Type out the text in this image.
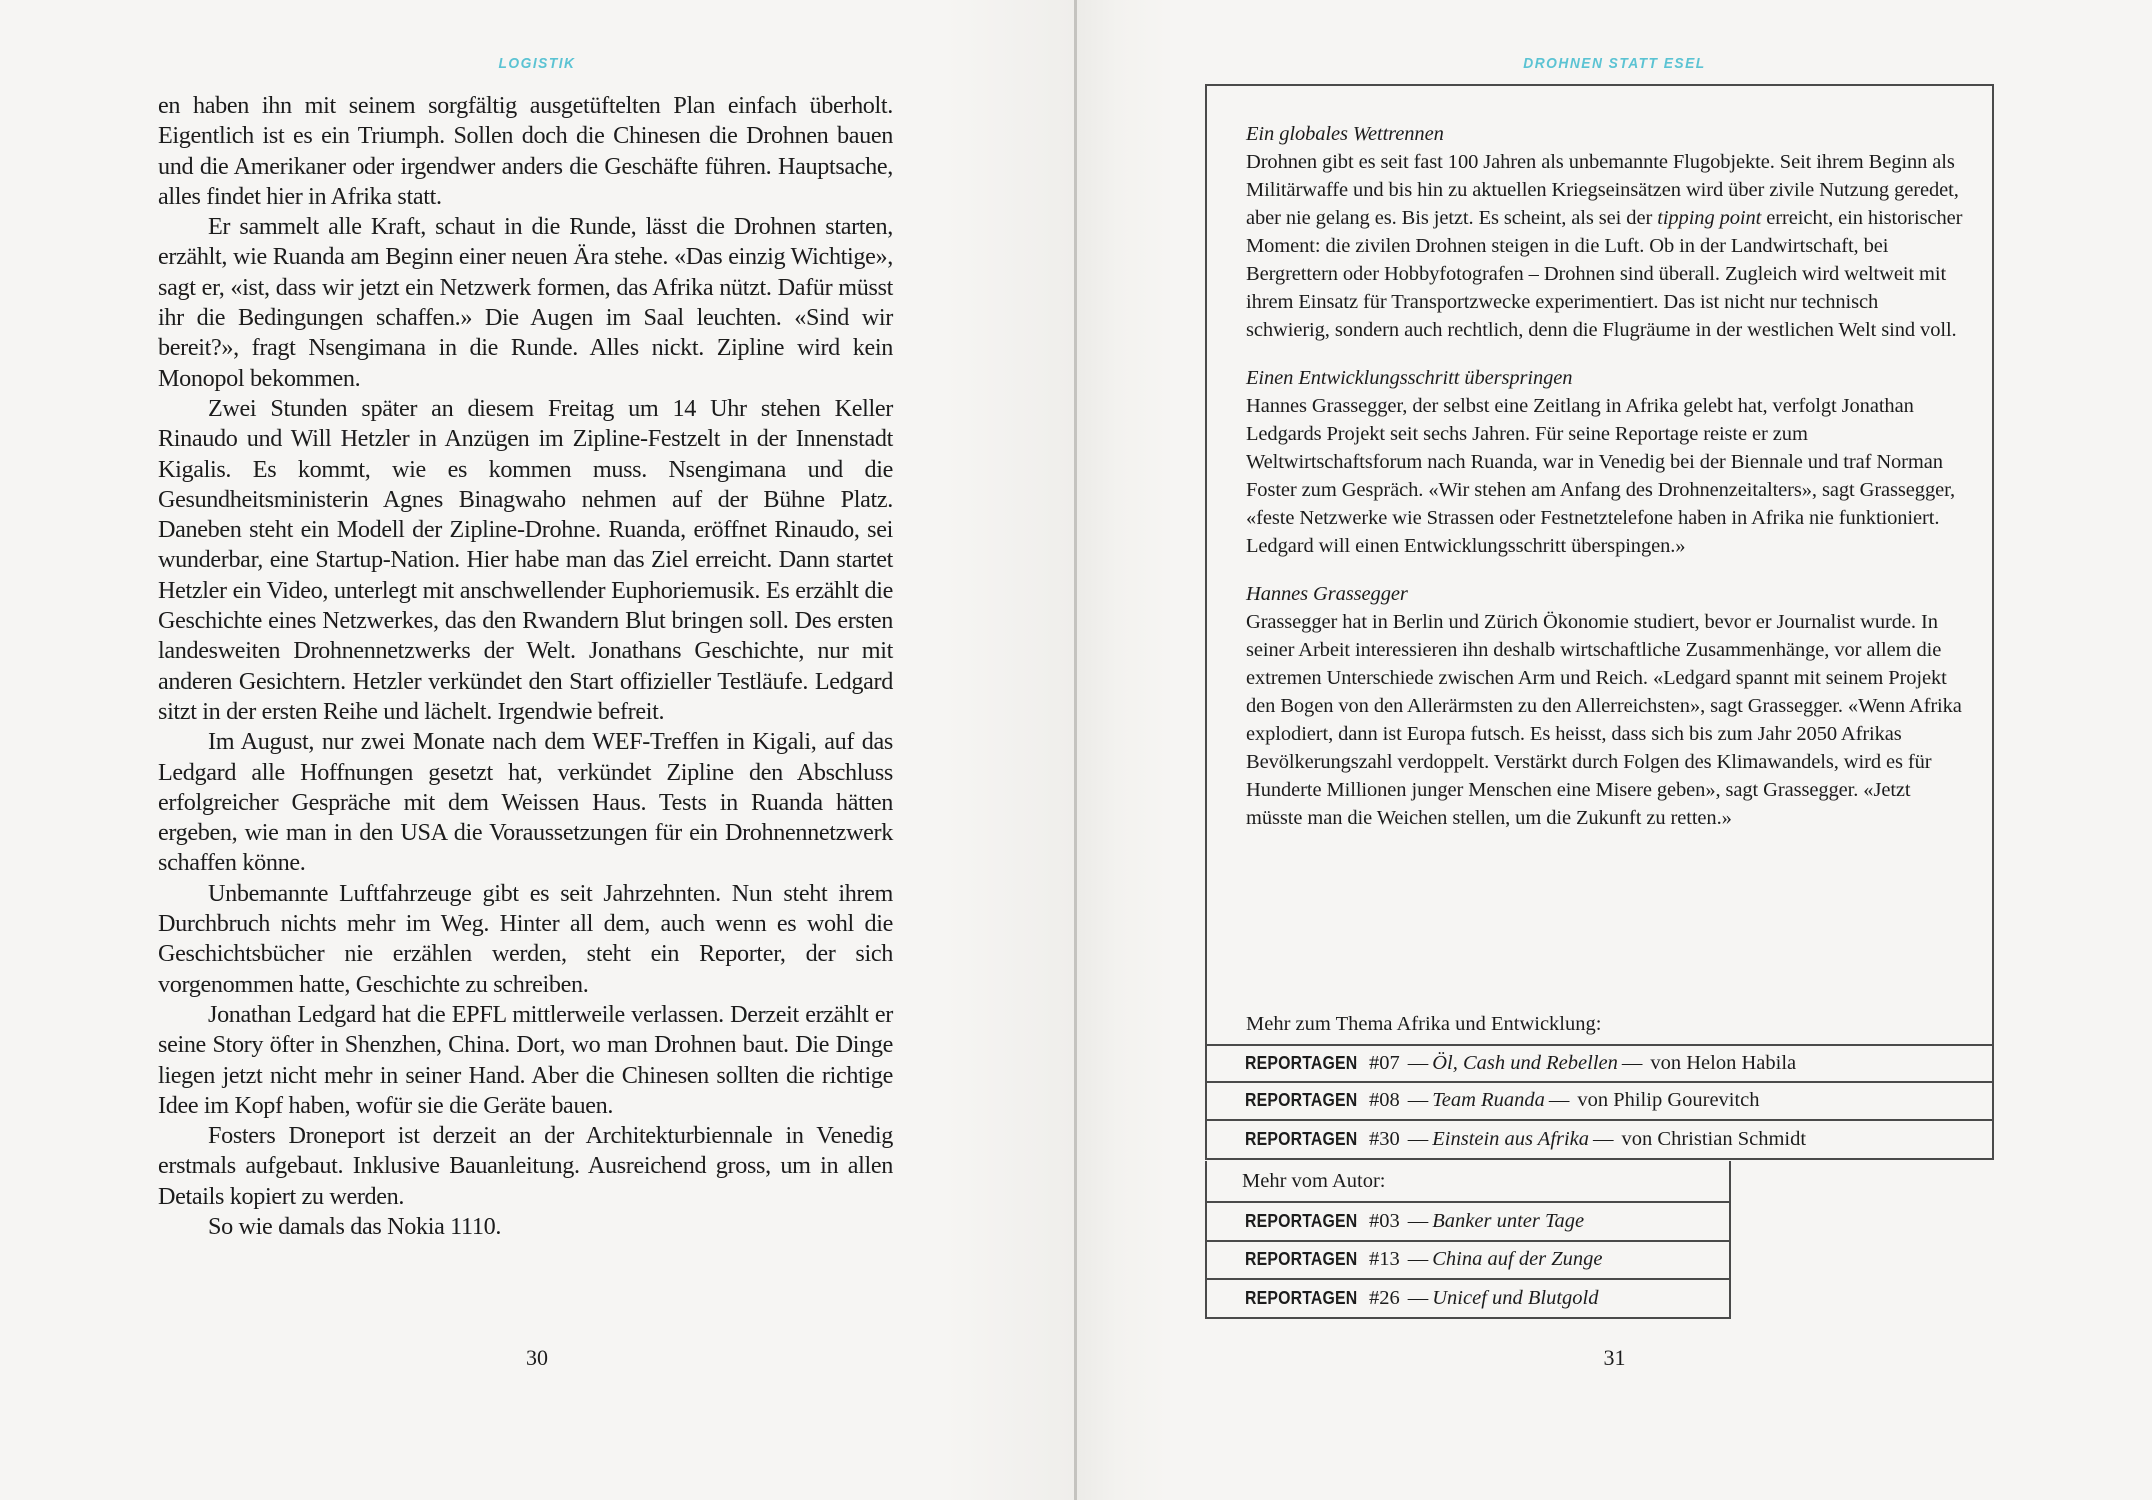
LOGISTIK

en haben ihn mit seinem sorgfältig ausgetüftelten Plan einfach überholt. Eigentlich ist es ein Triumph. Sollen doch die Chinesen die Drohnen bauen und die Amerikaner oder irgendwer anders die Geschäfte führen. Hauptsache, alles findet hier in Afrika statt.

Er sammelt alle Kraft, schaut in die Runde, lässt die Drohnen starten, erzählt, wie Ruanda am Beginn einer neuen Ära stehe. «Das einzig Wichtige», sagt er, «ist, dass wir jetzt ein Netzwerk formen, das Afrika nützt. Dafür müsst ihr die Bedingungen schaffen.» Die Augen im Saal leuchten. «Sind wir bereit?», fragt Nsengimana in die Runde. Alles nickt. Zipline wird kein Monopol bekommen.

Zwei Stunden später an diesem Freitag um 14 Uhr stehen Keller Rinaudo und Will Hetzler in Anzügen im Zipline-Festzelt in der Innenstadt Kigalis. Es kommt, wie es kommen muss. Nsengimana und die Gesundheitsministerin Agnes Binagwaho nehmen auf der Bühne Platz. Daneben steht ein Modell der Zipline-Drohne. Ruanda, eröffnet Rinaudo, sei wunderbar, eine Startup-Nation. Hier habe man das Ziel erreicht. Dann startet Hetzler ein Video, unterlegt mit anschwellender Euphoriemusik. Es erzählt die Geschichte eines Netzwerkes, das den Rwandern Blut bringen soll. Des ersten landesweiten Drohnennetzwerks der Welt. Jonathans Geschichte, nur mit anderen Gesichtern. Hetzler verkündet den Start offizieller Testläufe. Ledgard sitzt in der ersten Reihe und lächelt. Irgendwie befreit.

Im August, nur zwei Monate nach dem WEF-Treffen in Kigali, auf das Ledgard alle Hoffnungen gesetzt hat, verkündet Zipline den Abschluss erfolgreicher Gespräche mit dem Weissen Haus. Tests in Ruanda hätten ergeben, wie man in den USA die Voraussetzungen für ein Drohnennetzwerk schaffen könne.

Unbemannte Luftfahrzeuge gibt es seit Jahrzehnten. Nun steht ihrem Durchbruch nichts mehr im Weg. Hinter all dem, auch wenn es wohl die Geschichtsbücher nie erzählen werden, steht ein Reporter, der sich vorgenommen hatte, Geschichte zu schreiben.

Jonathan Ledgard hat die EPFL mittlerweile verlassen. Derzeit erzählt er seine Story öfter in Shenzhen, China. Dort, wo man Drohnen baut. Die Dinge liegen jetzt nicht mehr in seiner Hand. Aber die Chinesen sollten die richtige Idee im Kopf haben, wofür sie die Geräte bauen.

Fosters Droneport ist derzeit an der Architekturbiennale in Venedig erstmals aufgebaut. Inklusive Bauanleitung. Ausreichend gross, um in allen Details kopiert zu werden.

So wie damals das Nokia 1110.

30
DROHNEN STATT ESEL
Ein globales Wettrennen
Drohnen gibt es seit fast 100 Jahren als unbemannte Flugobjekte. Seit ihrem Beginn als Militärwaffe und bis hin zu aktuellen Kriegseinsätzen wird über zivile Nutzung geredet, aber nie gelang es. Bis jetzt. Es scheint, als sei der tipping point erreicht, ein historischer Moment: die zivilen Drohnen steigen in die Luft. Ob in der Landwirtschaft, bei Bergrettern oder Hobbyfotografen – Drohnen sind überall. Zugleich wird weltweit mit ihrem Einsatz für Transportzwecke experimentiert. Das ist nicht nur technisch schwierig, sondern auch rechtlich, denn die Flugräume in der westlichen Welt sind voll.
Einen Entwicklungsschritt überspringen
Hannes Grassegger, der selbst eine Zeitlang in Afrika gelebt hat, verfolgt Jonathan Ledgards Projekt seit sechs Jahren. Für seine Reportage reiste er zum Weltwirtschaftsforum nach Ruanda, war in Venedig bei der Biennale und traf Norman Foster zum Gespräch. «Wir stehen am Anfang des Drohnenzeitalters», sagt Grassegger, «feste Netzwerke wie Strassen oder Festnetztelefone haben in Afrika nie funktioniert. Ledgard will einen Entwicklungsschritt überspingen.»
Hannes Grassegger
Grassegger hat in Berlin und Zürich Ökonomie studiert, bevor er Journalist wurde. In seiner Arbeit interessieren ihn deshalb wirtschaftliche Zusammenhänge, vor allem die extremen Unterschiede zwischen Arm und Reich. «Ledgard spannt mit seinem Projekt den Bogen von den Allerärmsten zu den Allerreichsten», sagt Grassegger. «Wenn Afrika explodiert, dann ist Europa futsch. Es heisst, dass sich bis zum Jahr 2050 Afrikas Bevölkerungszahl verdoppelt. Verstärkt durch Folgen des Klimawandels, wird es für Hunderte Millionen junger Menschen eine Misere geben», sagt Grassegger. «Jetzt müsste man die Weichen stellen, um die Zukunft zu retten.»
Mehr zum Thema Afrika und Entwicklung:
REPORTAGEN #07 — Öl, Cash und Rebellen — von Helon Habila
REPORTAGEN #08 — Team Ruanda — von Philip Gourevitch
REPORTAGEN #30 — Einstein aus Afrika — von Christian Schmidt
Mehr vom Autor:
REPORTAGEN #03 — Banker unter Tage
REPORTAGEN #13 — China auf der Zunge
REPORTAGEN #26 — Unicef und Blutgold
31
